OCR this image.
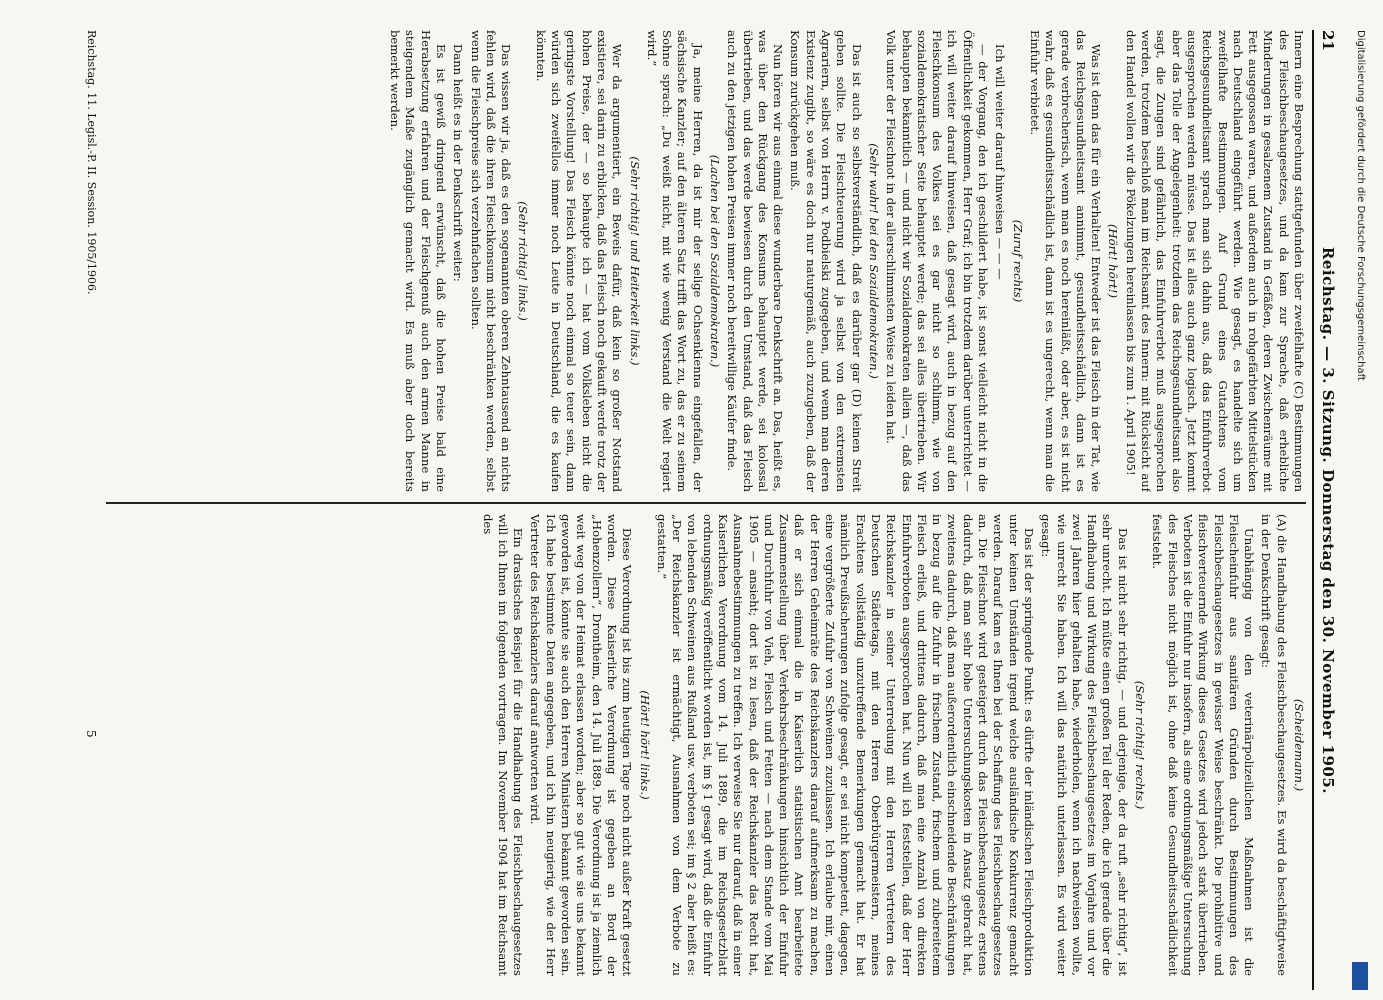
21
Reichstag. — 3. Sitzung. Donnerstag den 30. November 1905.

Innern eine Besprechung stattgefunden über zweifelhafte (C) Bestimmungen des Fleischbeschaugesetzes, und da kam zur Sprache, daß erhebliche Minderungen in gesalzenem Zustand in Gefäßen, deren Zwischenräume mit Fett ausgegossen waren, und außerdem auch in rohgefärbten Mittelstücken nach Deutschland eingeführt werden. Wie gesagt, es handelte sich um zweifelhafte Bestimmungen. Auf Grund eines Gutachtens vom Reichsgesundheitsamt sprach man sich dahin aus, daß das Einfuhrverbot ausgesprochen werden müsse. Das ist alles auch ganz logisch. Jetzt kommt aber das Tolle der Angelegenheit: trotzdem das Reichsgesundheitsamt also sagt, die Zungen sind gefährlich, das Einfuhrverbot muß ausgesprochen werden, trotzdem beschloß man im Reichsamt des Innern: mit Rücksicht auf den Handel wollen wir die Pökelzungen hereinlassen bis zum 1. April 1905!

(Hört! hört!)

Was ist denn das für ein Verhalten! Entweder ist das Fleisch in der Tat, wie das Reichsgesundheitsamt annimmt, gesundheitsschädlich, dann ist es gerade verbrecherisch, wenn man es noch hereinläßt, oder aber, es ist nicht wahr, daß es gesundheitsschädlich ist, dann ist es ungerecht, wenn man die Einfuhr verbietet.

(Zuruf rechts)

Ich will weiter darauf hinweisen — — —

— der Vorgang, den ich geschildert habe, ist sonst vielleicht nicht in die Öffentlichkeit gekommen, Herr Graf; ich bin trotzdem darüber unterrichtet — ich will weiter darauf hinweisen, daß gesagt wird, auch in bezug auf den Fleischkonsum des Volkes sei es gar nicht so schlimm, wie von sozialdemokratischer Seite behauptet werde; das sei alles übertrieben. Wir behaupten bekanntlich — und nicht wir Sozialdemokraten allein —, daß das Volk unter der Fleischnot in der allerschlimmsten Weise zu leiden hat.

(Sehr wahr! bei den Sozialdemokraten.)

Das ist auch so selbstverständlich, daß es darüber gar (D) keinen Streit geben sollte. Die Fleischteuerung wird ja selbst von den extremsten Agrariern, selbst von Herrn v. Podbielski zugegeben, und wenn man deren Existenz zugibt, so wäre es doch nur naturgemäß, auch zuzugeben, daß der Konsum zurückgehen muß.

Nun hören wir aus einmal diese wunderbare Denkschrift an. Das, heißt es, was über den Rückgang des Konsums behauptet werde, sei kolossal übertrieben, und das werde bewiesen durch den Umstand, daß das Fleisch auch zu den jetzigen hohen Preisen immer noch bereitwillige Käufer finde.

(Lachen bei den Sozialdemokraten.)

Ja, meine Herren, da ist mir der selige Ochsenkienna eingefallen, der sächsische Kanzler; auf den älteren Satz trifft das Wort zu, das er zu seinem Sohne sprach: „Du weißt nicht, mit wie wenig Verstand die Welt regiert wird.“

(Sehr richtig! und Heiterkeit links.)

Wer da argumentiert, ein Beweis dafür, daß kein so großer Notstand existiere, sei darin zu erblicken, daß das Fleisch noch gekauft werde trotz der hohen Preise, der — so behaupte ich — hat vom Volksleben nicht die geringste Vorstellung! Das Fleisch könnte noch einmal so teuer sein, dann würden sich zweifellos immer noch Leute in Deutschland, die es kaufen könnten.

(Sehr richtig! links.)

Das wissen wir ja, daß es den sogenannten oberen Zehntausend an nichts fehlen wird, daß die ihren Fleischkonsum nicht beschränken werden, selbst wenn die Fleischpreise sich verzehnfachen sollten.

Dann heißt es in der Denkschrift weiter:

Es ist gewiß dringend erwünscht, daß die hohen Preise bald eine Herabsetzung erfahren und der Fleischgenuß auch den armen Manne in steigendem Maße zugänglich gemacht wird. Es muß aber doch bereits bemerkt werden.

(Scheidemann.)

(A) die Handhabung des Fleischbeschaugesetzes. Es wird da beschäftigtweise in der Denkschrift gesagt:

Unabhängig von den veterinärpolizeilichen Maßnahmen ist die Fleischeinfuhr aus sanitären Gründen durch Bestimmungen des Fleischbeschaugesetzes in gewisser Weise beschränkt. Die prohibitive und fleischverteuernde Wirkung dieses Gesetzes wird jedoch stark übertrieben. Verboten ist die Einfuhr nur insofern, als eine ordnungsmäßige Untersuchung des Fleisches nicht möglich ist, ohne daß keine Gesundheitsschädlichkeit feststeht.

(Sehr richtig! rechts.)

Das ist nicht sehr richtig, — und derjenige, der da ruft „sehr richtig“, ist sehr unrecht. Ich müßte einen großen Teil der Reden, die ich gerade über die Handhabung und Wirkung des Fleischbeschaugesetzes im Vorjahre und vor zwei Jahren hier gehalten habe, wiederholen, wenn ich nachweisen wollte, wie unrecht Sie haben. Ich will das natürlich unterlassen. Es wird weiter gesagt:

Das ist der springende Punkt: es dürfte der inländischen Fleischproduktion unter keinen Umständen irgend welche ausländische Konkurrenz gemacht werden. Darauf kam es Ihnen bei der Schaffung des Fleischbeschaugesetzes an. Die Fleischnot wird gesteigert durch das Fleischbeschaugesetz erstens dadurch, daß man sehr hohe Untersuchungskosten in Ansatz gebracht hat, zweitens dadurch, daß man außerordentlich einschneidende Beschränkungen in bezug auf die Zufuhr in frischem Zustand, frischem und zubereitetem Fleisch erließ, und drittens dadurch, daß man eine Anzahl von direkten Einfuhrverboten ausgesprochen hat. Nun will ich feststellen, daß der Herr Reichskanzler in seiner Unterredung mit den Herren Vertretern des Deutschen Städtetags, mit den Herren Oberbürgermeistern, meines Erachtens vollständig unzutreffende Bemerkungen gemacht hat. Er hat nämlich Preußischerungen zufolge gesagt, er sei nicht kompetent, dagegen, eine vergrößerte Zufuhr von Schweinen zuzulassen. Ich erlaube mir, einen der Herren Geheimräte des Reichskanzlers darauf aufmerksam zu machen, daß er sich einmal die in Kaiserlich statistischen Amt bearbeitete Zusammenstellung über Verkehrsbeschränkungen hinsichtlich der Einfuhr und Durchfuhr von Vieh, Fleisch und Fetten — nach dem Stande vom Mai 1905 — ansieht; dort ist zu lesen, daß der Reichskanzler das Recht hat, Ausnahmebestimmungen zu treffen. Ich verweise Sie nur darauf, daß in einer Kaiserlichen Verordnung vom 14. Juli 1889, die im Reichsgesetzblatt ordnungsmäßig veröffentlicht worden ist, im § 1 gesagt wird, daß die Einfuhr von lebenden Schweinen aus Rußland usw. verboten sei; im § 2 aber heißt es: „Der Reichskanzler ist ermächtigt, Ausnahmen von dem Verbote zu gestatten.“

(Hört! hört! links.)

Diese Verordnung ist bis zum heutigen Tage noch nicht außer Kraft gesetzt worden. Diese Kaiserliche Verordnung ist gegeben an Bord der „Hohenzollern“, Drontheim, den 14. Juli 1889. Die Verordnung ist ja ziemlich weit weg von der Heimat erlassen worden; aber so gut wie sie uns bekannt geworden ist, könnte sie auch den Herren Ministern bekannt geworden sein. Ich habe bestimmte Daten angegeben, und ich bin neugierig, wie der Herr Vertreter des Reichskanzlers darauf antworten wird.

Ein drastisches Beispiel für die Handhabung des Fleischbeschaugesetzes will ich Ihnen im folgenden vortragen. Im November 1904 hat im Reichsamt des

Reichstag. 11. Legisl.-P. II. Session. 1905/1906.
5
Digitalisierung gefördert durch die Deutsche Forschungsgemeinschaft
